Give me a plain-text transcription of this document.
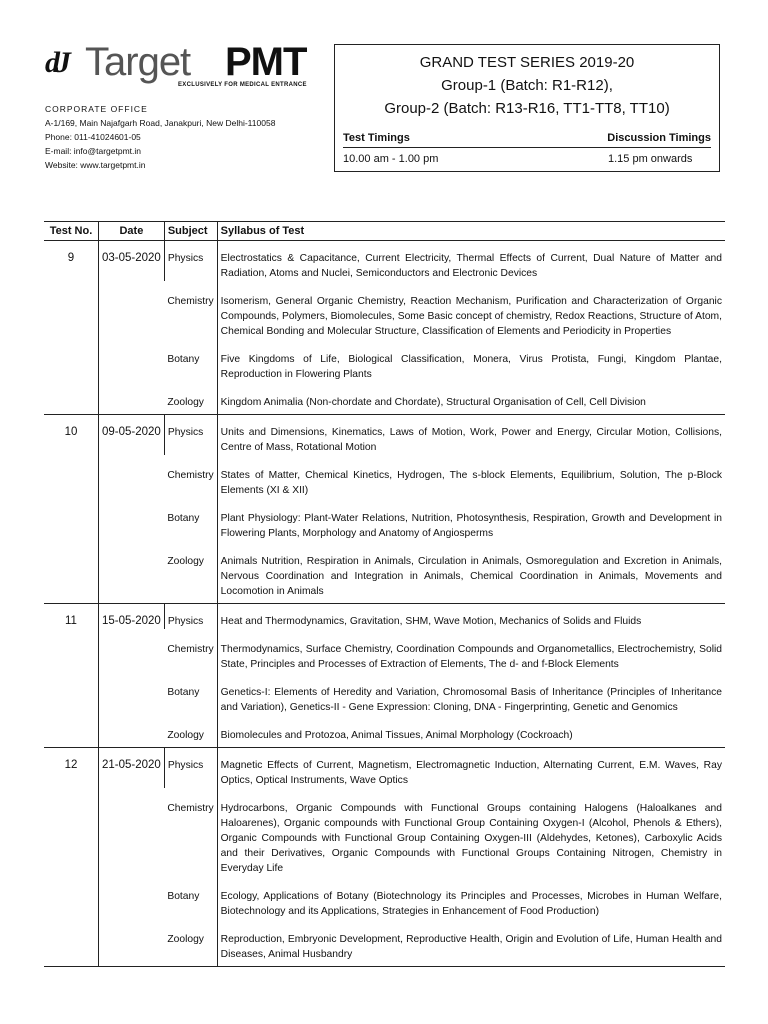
dJ Target PMT
EXCLUSIVELY FOR MEDICAL ENTRANCE
CORPORATE OFFICE
A-1/169, Main Najafgarh Road, Janakpuri, New Delhi-110058
Phone: 011-41024601-05
E-mail: info@targetpmt.in
Website: www.targetpmt.in
GRAND TEST SERIES 2019-20
Group-1 (Batch: R1-R12),
Group-2 (Batch: R13-R16, TT1-TT8, TT10)
Test Timings	Discussion Timings
10.00 am - 1.00 pm	1.15 pm onwards
Test No.	Date	Subject	Syllabus of Test
9	03-05-2020	Physics	Electrostatics & Capacitance, Current Electricity, Thermal Effects of Current, Dual Nature of Matter and Radiation, Atoms and Nuclei, Semiconductors and Electronic Devices
		Chemistry	Isomerism, General Organic Chemistry, Reaction Mechanism, Purification and Characterization of Organic Compounds, Polymers, Biomolecules, Some Basic concept of chemistry, Redox Reactions, Structure of Atom, Chemical Bonding and Molecular Structure, Classification of Elements and Periodicity in Properties
		Botany	Five Kingdoms of Life, Biological Classification, Monera, Virus Protista, Fungi, Kingdom Plantae, Reproduction in Flowering Plants
		Zoology	Kingdom Animalia (Non-chordate and Chordate), Structural Organisation of Cell, Cell Division
10	09-05-2020	Physics	Units and Dimensions, Kinematics, Laws of Motion, Work, Power and Energy, Circular Motion, Collisions, Centre of Mass, Rotational Motion
		Chemistry	States of Matter, Chemical Kinetics, Hydrogen, The s-block Elements, Equilibrium, Solution, The p-Block Elements (XI & XII)
		Botany	Plant Physiology: Plant-Water Relations, Nutrition, Photosynthesis, Respiration, Growth and Development in Flowering Plants, Morphology and Anatomy of Angiosperms
		Zoology	Animals Nutrition, Respiration in Animals, Circulation in Animals, Osmoregulation and Excretion in Animals, Nervous Coordination and Integration in Animals, Chemical Coordination in Animals, Movements and Locomotion in Animals
11	15-05-2020	Physics	Heat and Thermodynamics, Gravitation, SHM, Wave Motion, Mechanics of Solids and Fluids
		Chemistry	Thermodynamics, Surface Chemistry, Coordination Compounds and Organometallics, Electrochemistry, Solid State, Principles and Processes of Extraction of Elements, The d- and f-Block Elements
		Botany	Genetics-I: Elements of Heredity and Variation, Chromosomal Basis of Inheritance (Principles of Inheritance and Variation), Genetics-II - Gene Expression: Cloning, DNA - Fingerprinting, Genetic and Genomics
		Zoology	Biomolecules and Protozoa, Animal Tissues, Animal Morphology (Cockroach)
12	21-05-2020	Physics	Magnetic Effects of Current, Magnetism, Electromagnetic Induction, Alternating Current, E.M. Waves, Ray Optics, Optical Instruments, Wave Optics
		Chemistry	Hydrocarbons, Organic Compounds with Functional Groups containing Halogens (Haloalkanes and Haloarenes), Organic compounds with Functional Group Containing Oxygen-I (Alcohol, Phenols & Ethers), Organic Compounds with Functional Group Containing Oxygen-III (Aldehydes, Ketones), Carboxylic Acids and their Derivatives, Organic Compounds with Functional Groups Containing Nitrogen, Chemistry in Everyday Life
		Botany	Ecology, Applications of Botany (Biotechnology its Principles and Processes, Microbes in Human Welfare, Biotechnology and its Applications, Strategies in Enhancement of Food Production)
		Zoology	Reproduction, Embryonic Development, Reproductive Health, Origin and Evolution of Life, Human Health and Diseases, Animal Husbandry
